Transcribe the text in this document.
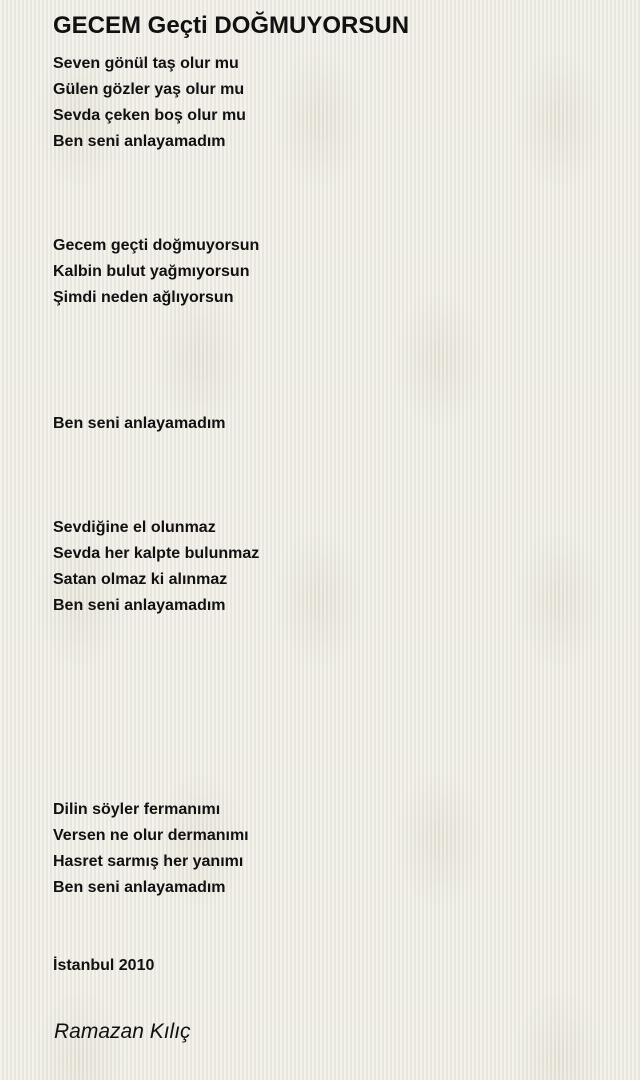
GECEM Geçti DOĞMUYORSUN
Seven gönül taş olur mu
Gülen gözler yaş olur mu
Sevda çeken boş olur mu
Ben seni anlayamadım
Gecem geçti doğmuyorsun
Kalbin bulut yağmıyorsun
Şimdi neden ağlıyorsun
Ben seni anlayamadım
Sevdiğine el olunmaz
Sevda her kalpte bulunmaz
Satan olmaz ki alınmaz
Ben seni anlayamadım
Dilin söyler fermanımı
Versen ne olur dermanımı
Hasret sarmış her yanımı
Ben seni anlayamadım
İstanbul 2010
Ramazan Kılıç
